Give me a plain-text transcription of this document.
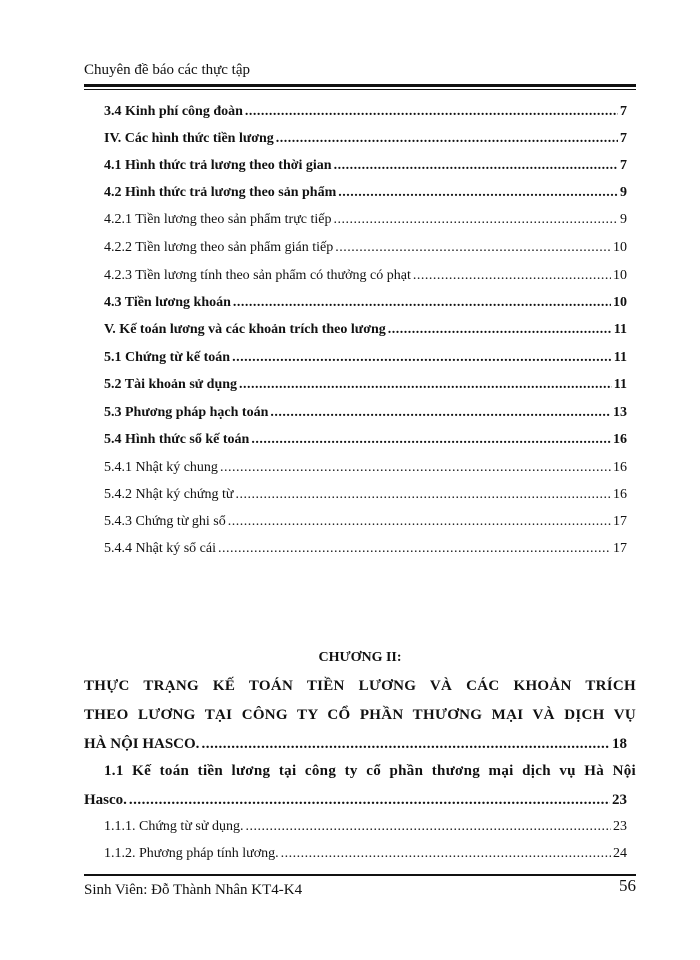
Chuyên đề báo các thực tập
3.4 Kinh phí công đoàn .....	7
IV. Các hình thức tiền lương .....	7
4.1 Hình thức trả lương theo thời gian .....	7
4.2 Hình thức trả lương theo sản phẩm .....	9
4.2.1 Tiền lương theo sản phẩm trực tiếp .....	9
4.2.2 Tiền lương theo sản phẩm gián tiếp .....	10
4.2.3 Tiền lương tính theo sản phẩm có thưởng có phạt .....	10
4.3 Tiền lương khoán .....	10
V. Kế toán lương và các khoản trích theo lương .....	11
5.1 Chứng từ kế toán .....	11
5.2 Tài khoản sử dụng .....	11
5.3 Phương pháp hạch toán .....	13
5.4 Hình thức sổ kế toán .....	16
5.4.1 Nhật ký chung .....	16
5.4.2 Nhật ký chứng từ .....	16
5.4.3 Chứng từ ghi sổ .....	17
5.4.4 Nhật ký sổ cái .....	17
CHƯƠNG II:
THỰC TRẠNG KẾ TOÁN TIỀN LƯƠNG VÀ CÁC KHOẢN TRÍCH
THEO LƯƠNG TẠI CÔNG TY CỔ PHẦN THƯƠNG MẠI VÀ DỊCH VỤ
HÀ NỘI HASCO. .....	18
1.1 Kế toán tiền lương tại công ty cổ phần thương mại dịch vụ Hà Nội
Hasco. .....	23
1.1.1. Chứng từ sử dụng. .....	23
1.1.2. Phương pháp tính lương. .....	24
Sinh Viên: Đỗ Thành Nhân KT4-K4	56
